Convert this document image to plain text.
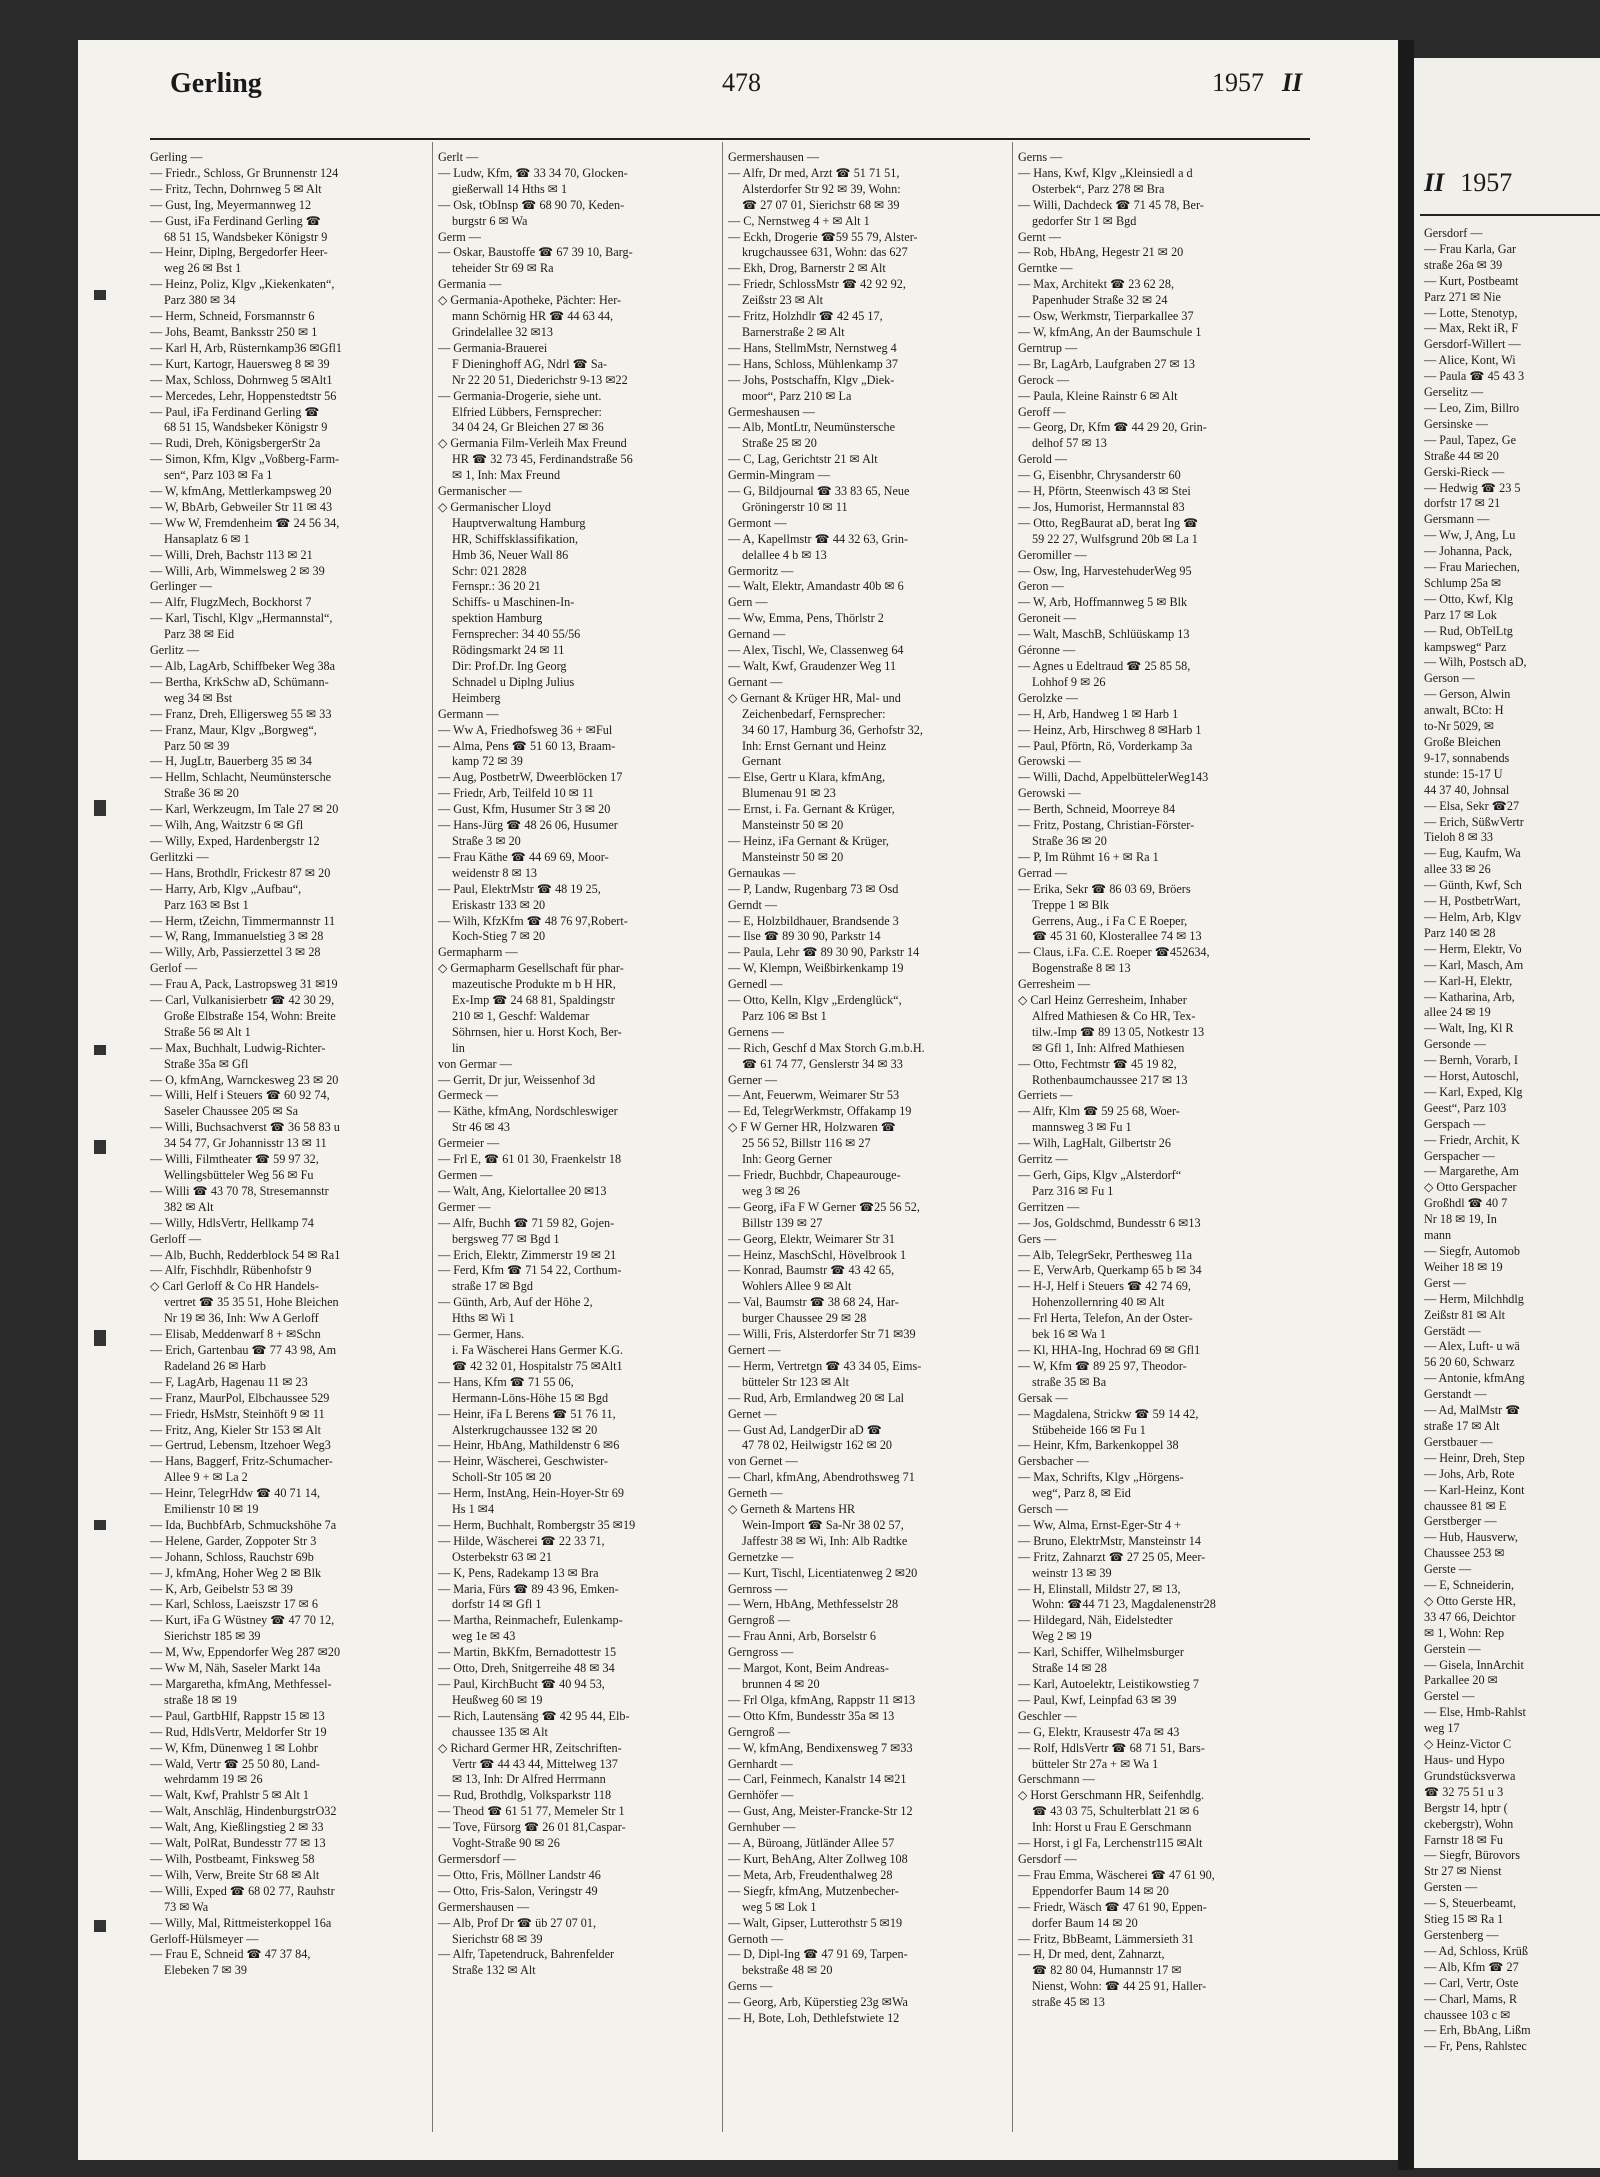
Gerling	478	1957 II
Gerling —
— Friedr., Schloss, Gr Brunnenstr 124
— Fritz, Techn, Dohrnweg 5 ✉ Alt
— Gust, Ing, Meyermannweg 12
— Gust, iFa Ferdinand Gerling ☎
68 51 15, Wandsbeker Königstr 9
— Heinr, Diplng, Bergedorfer Heer-
weg 26 ✉ Bst 1
— Heinz, Poliz, Klgv „Kiekenkaten“,
Parz 380 ✉ 34
— Herm, Schneid, Forsmannstr 6
— Johs, Beamt, Banksstr 250 ✉ 1
— Karl H, Arb, Rüsternkamp36 ✉Gfl1
— Kurt, Kartogr, Hauersweg 8 ✉ 39
— Max, Schloss, Dohrnweg 5 ✉Alt1
— Mercedes, Lehr, Hoppenstedtstr 56
— Paul, iFa Ferdinand Gerling ☎
68 51 15, Wandsbeker Königstr 9
— Rudi, Dreh, KönigsbergerStr 2a
— Simon, Kfm, Klgv „Voßberg-Farm-
sen“, Parz 103 ✉ Fa 1
— W, kfmAng, Mettlerkampsweg 20
— W, BbArb, Gebweiler Str 11 ✉ 43
— Ww W, Fremdenheim ☎ 24 56 34,
Hansaplatz 6 ✉ 1
— Willi, Dreh, Bachstr 113 ✉ 21
— Willi, Arb, Wimmelsweg 2 ✉ 39
Gerlinger —
— Alfr, FlugzMech, Bockhorst 7
— Karl, Tischl, Klgv „Hermannstal“,
Parz 38 ✉ Eid
Gerlitz —
— Alb, LagArb, Schiffbeker Weg 38a
— Bertha, KrkSchw aD, Schümann-
weg 34 ✉ Bst
— Franz, Dreh, Elligersweg 55 ✉ 33
— Franz, Maur, Klgv „Borgweg“,
Parz 50 ✉ 39
— H, JugLtr, Bauerberg 35 ✉ 34
— Hellm, Schlacht, Neumünstersche
Straße 36 ✉ 20
— Karl, Werkzeugm, Im Tale 27 ✉ 20
— Wilh, Ang, Waitzstr 6 ✉ Gfl
— Willy, Exped, Hardenbergstr 12
Gerlitzki —
— Hans, Brothdlr, Frickestr 87 ✉ 20
— Harry, Arb, Klgv „Aufbau“,
Parz 163 ✉ Bst 1
— Herm, tZeichn, Timmermannstr 11
— W, Rang, Immanuelstieg 3 ✉ 28
— Willy, Arb, Passierzettel 3 ✉ 28
Gerlof —
— Frau A, Pack, Lastropsweg 31 ✉19
— Carl, Vulkanisierbetr ☎ 42 30 29,
Große Elbstraße 154, Wohn: Breite
Straße 56 ✉ Alt 1
— Max, Buchhalt, Ludwig-Richter-
Straße 35a ✉ Gfl
— O, kfmAng, Warnckesweg 23 ✉ 20
— Willi, Helf i Steuers ☎ 60 92 74,
Saseler Chaussee 205 ✉ Sa
— Willi, Buchsachverst ☎ 36 58 83 u
34 54 77, Gr Johannisstr 13 ✉ 11
— Willi, Filmtheater ☎ 59 97 32,
Wellingsbütteler Weg 56 ✉ Fu
— Willi ☎ 43 70 78, Stresemannstr
382 ✉ Alt
— Willy, HdlsVertr, Hellkamp 74
Gerloff —
— Alb, Buchh, Redderblock 54 ✉ Ra1
— Alfr, Fischhdlr, Rübenhofstr 9
◇ Carl Gerloff & Co HR Handels-
vertret ☎ 35 35 51, Hohe Bleichen
Nr 19 ✉ 36, Inh: Ww A Gerloff
— Elisab, Meddenwarf 8 + ✉Schn
— Erich, Gartenbau ☎ 77 43 98, Am
Radeland 26 ✉ Harb
— F, LagArb, Hagenau 11 ✉ 23
— Franz, MaurPol, Elbchaussee 529
— Friedr, HsMstr, Steinhöft 9 ✉ 11
— Fritz, Ang, Kieler Str 153 ✉ Alt
— Gertrud, Lebensm, Itzehoer Weg3
— Hans, Baggerf, Fritz-Schumacher-
Allee 9 + ✉ La 2
— Heinr, TelegrHdw ☎ 40 71 14,
Emilienstr 10 ✉ 19
— Ida, BuchbfArb, Schmuckshöhe 7a
— Helene, Garder, Zoppoter Str 3
— Johann, Schloss, Rauchstr 69b
— J, kfmAng, Hoher Weg 2 ✉ Blk
— K, Arb, Geibelstr 53 ✉ 39
— Karl, Schloss, Laeiszstr 17 ✉ 6
— Kurt, iFa G Wüstney ☎ 47 70 12,
Sierichstr 185 ✉ 39
— M, Ww, Eppendorfer Weg 287 ✉20
— Ww M, Näh, Saseler Markt 14a
— Margaretha, kfmAng, Methfessel-
straße 18 ✉ 19
— Paul, GartbHlf, Rappstr 15 ✉ 13
— Rud, HdlsVertr, Meldorfer Str 19
— W, Kfm, Dünenweg 1 ✉ Lohbr
— Wald, Vertr ☎ 25 50 80, Land-
wehrdamm 19 ✉ 26
— Walt, Kwf, Prahlstr 5 ✉ Alt 1
— Walt, Anschläg, HindenburgstrO32
— Walt, Ang, Kießlingstieg 2 ✉ 33
— Walt, PolRat, Bundesstr 77 ✉ 13
— Wilh, Postbeamt, Finksweg 58
— Wilh, Verw, Breite Str 68 ✉ Alt
— Willi, Exped ☎ 68 02 77, Rauhstr
73 ✉ Wa
— Willy, Mal, Rittmeisterkoppel 16a
Gerloff-Hülsmeyer —
— Frau E, Schneid ☎ 47 37 84,
Elebeken 7 ✉ 39
Gerlt —
— Ludw, Kfm, ☎ 33 34 70, Glocken-
gießerwall 14 Hths ✉ 1
— Osk, tObInsp ☎ 68 90 70, Keden-
burgstr 6 ✉ Wa
Germ —
— Oskar, Baustoffe ☎ 67 39 10, Barg-
teheider Str 69 ✉ Ra
Germania —
◇ Germania-Apotheke, Pächter: Her-
mann Schörnig HR ☎ 44 63 44,
Grindelallee 32 ✉13
— Germania-Brauerei
F Dieninghoff AG, Ndrl ☎ Sa-
Nr 22 20 51, Diederichstr 9-13 ✉22
— Germania-Drogerie, siehe unt.
Elfried Lübbers, Fernsprecher:
34 04 24, Gr Bleichen 27 ✉ 36
◇ Germania Film-Verleih Max Freund
HR ☎ 32 73 45, Ferdinandstraße 56
✉ 1, Inh: Max Freund
Germanischer —
◇ Germanischer Lloyd
Hauptverwaltung Hamburg
HR, Schiffsklassifikation,
Hmb 36, Neuer Wall 86
Schr: 021 2828
Fernspr.: 36 20 21
Schiffs- u Maschinen-In-
spektion Hamburg
Fernsprecher: 34 40 55/56
Rödingsmarkt 24 ✉ 11
Dir: Prof.Dr. Ing Georg
Schnadel u Diplng Julius
Heimberg
Germann —
— Ww A, Friedhofsweg 36 + ✉Ful
— Alma, Pens ☎ 51 60 13, Braam-
kamp 72 ✉ 39
— Aug, PostbetrW, Dweerblöcken 17
— Friedr, Arb, Teilfeld 10 ✉ 11
— Gust, Kfm, Husumer Str 3 ✉ 20
— Hans-Jürg ☎ 48 26 06, Husumer
Straße 3 ✉ 20
— Frau Käthe ☎ 44 69 69, Moor-
weidenstr 8 ✉ 13
— Paul, ElektrMstr ☎ 48 19 25,
Eriskastr 133 ✉ 20
— Wilh, KfzKfm ☎ 48 76 97,Robert-
Koch-Stieg 7 ✉ 20
Germapharm —
◇ Germapharm Gesellschaft für phar-
mazeutische Produkte m b H HR,
Ex-Imp ☎ 24 68 81, Spaldingstr
210 ✉ 1, Geschf: Waldemar
Söhrnsen, hier u. Horst Koch, Ber-
lin
von Germar —
— Gerrit, Dr jur, Weissenhof 3d
Germeck —
— Käthe, kfmAng, Nordschleswiger
Str 46 ✉ 43
Germeier —
— Frl E, ☎ 61 01 30, Fraenkelstr 18
Germen —
— Walt, Ang, Kielortallee 20 ✉13
Germer —
— Alfr, Buchh ☎ 71 59 82, Gojen-
bergsweg 77 ✉ Bgd 1
— Erich, Elektr, Zimmerstr 19 ✉ 21
— Ferd, Kfm ☎ 71 54 22, Corthum-
straße 17 ✉ Bgd
— Günth, Arb, Auf der Höhe 2,
Hths ✉ Wi 1
— Germer, Hans.
i. Fa Wäscherei Hans Germer K.G.
☎ 42 32 01, Hospitalstr 75 ✉Alt1
— Hans, Kfm ☎ 71 55 06,
Hermann-Löns-Höhe 15 ✉ Bgd
— Heinr, iFa L Berens ☎ 51 76 11,
Alsterkrugchaussee 132 ✉ 20
— Heinr, HbAng, Mathildenstr 6 ✉6
— Heinr, Wäscherei, Geschwister-
Scholl-Str 105 ✉ 20
— Herm, InstAng, Hein-Hoyer-Str 69
Hs 1 ✉4
— Herm, Buchhalt, Rombergstr 35 ✉19
— Hilde, Wäscherei ☎ 22 33 71,
Osterbekstr 63 ✉ 21
— K, Pens, Radekamp 13 ✉ Bra
— Maria, Fürs ☎ 89 43 96, Emken-
dorfstr 14 ✉ Gfl 1
— Martha, Reinmachefr, Eulenkamp-
weg 1e ✉ 43
— Martin, BkKfm, Bernadottestr 15
— Otto, Dreh, Snitgerreihe 48 ✉ 34
— Paul, KirchBucht ☎ 40 94 53,
Heußweg 60 ✉ 19
— Rich, Lautensäng ☎ 42 95 44, Elb-
chaussee 135 ✉ Alt
◇ Richard Germer HR, Zeitschriften-
Vertr ☎ 44 43 44, Mittelweg 137
✉ 13, Inh: Dr Alfred Herrmann
— Rud, Brothdlg, Volksparkstr 118
— Theod ☎ 61 51 77, Memeler Str 1
— Tove, Fürsorg ☎ 26 01 81,Caspar-
Voght-Straße 90 ✉ 26
Germersdorf —
— Otto, Fris, Möllner Landstr 46
— Otto, Fris-Salon, Veringstr 49
Germershausen —
— Alb, Prof Dr ☎ üb 27 07 01,
Sierichstr 68 ✉ 39
— Alfr, Tapetendruck, Bahrenfelder
Straße 132 ✉ Alt
Germershausen —
— Alfr, Dr med, Arzt ☎ 51 71 51,
Alsterdorfer Str 92 ✉ 39, Wohn:
☎ 27 07 01, Sierichstr 68 ✉ 39
— C, Nernstweg 4 + ✉ Alt 1
— Eckh, Drogerie ☎59 55 79, Alster-
krugchaussee 631, Wohn: das 627
— Ekh, Drog, Barnerstr 2 ✉ Alt
— Friedr, SchlossMstr ☎ 42 92 92,
Zeißstr 23 ✉ Alt
— Fritz, Holzhdlr ☎ 42 45 17,
Barnerstraße 2 ✉ Alt
— Hans, StellmMstr, Nernstweg 4
— Hans, Schloss, Mühlenkamp 37
— Johs, Postschaffn, Klgv „Diek-
moor“, Parz 210 ✉ La
Germeshausen —
— Alb, MontLtr, Neumünstersche
Straße 25 ✉ 20
— C, Lag, Gerichtstr 21 ✉ Alt
Germin-Mingram —
— G, Bildjournal ☎ 33 83 65, Neue
Gröningerstr 10 ✉ 11
Germont —
— A, Kapellmstr ☎ 44 32 63, Grin-
delallee 4 b ✉ 13
Germoritz —
— Walt, Elektr, Amandastr 40b ✉ 6
Gern —
— Ww, Emma, Pens, Thörlstr 2
Gernand —
— Alex, Tischl, We, Classenweg 64
— Walt, Kwf, Graudenzer Weg 11
Gernant —
◇ Gernant & Krüger HR, Mal- und
Zeichenbedarf, Fernsprecher:
34 60 17, Hamburg 36, Gerhofstr 32,
Inh: Ernst Gernant und Heinz
Gernant
— Else, Gertr u Klara, kfmAng,
Blumenau 91 ✉ 23
— Ernst, i. Fa. Gernant & Krüger,
Mansteinstr 50 ✉ 20
— Heinz, iFa Gernant & Krüger,
Mansteinstr 50 ✉ 20
Gernaukas —
— P, Landw, Rugenbarg 73 ✉ Osd
Gerndt —
— E, Holzbildhauer, Brandsende 3
— Ilse ☎ 89 30 90, Parkstr 14
— Paula, Lehr ☎ 89 30 90, Parkstr 14
— W, Klempn, Weißbirkenkamp 19
Gernedl —
— Otto, Kelln, Klgv „Erdenglück“,
Parz 106 ✉ Bst 1
Gernens —
— Rich, Geschf d Max Storch G.m.b.H.
☎ 61 74 77, Genslerstr 34 ✉ 33
Gerner —
— Ant, Feuerwm, Weimarer Str 53
— Ed, TelegrWerkmstr, Offakamp 19
◇ F W Gerner HR, Holzwaren ☎
25 56 52, Billstr 116 ✉ 27
Inh: Georg Gerner
— Friedr, Buchbdr, Chapeaurouge-
weg 3 ✉ 26
— Georg, iFa F W Gerner ☎25 56 52,
Billstr 139 ✉ 27
— Georg, Elektr, Weimarer Str 31
— Heinz, MaschSchl, Hövelbrook 1
— Konrad, Baumstr ☎ 43 42 65,
Wohlers Allee 9 ✉ Alt
— Val, Baumstr ☎ 38 68 24, Har-
burger Chaussee 29 ✉ 28
— Willi, Fris, Alsterdorfer Str 71 ✉39
Gernert —
— Herm, Vertretgn ☎ 43 34 05, Eims-
bütteler Str 123 ✉ Alt
— Rud, Arb, Ermlandweg 20 ✉ Lal
Gernet —
— Gust Ad, LandgerDir aD ☎
47 78 02, Heilwigstr 162 ✉ 20
von Gernet —
— Charl, kfmAng, Abendrothsweg 71
Gerneth —
◇ Gerneth & Martens HR
Wein-Import ☎ Sa-Nr 38 02 57,
Jaffestr 38 ✉ Wi, Inh: Alb Radtke
Gernetzke —
— Kurt, Tischl, Licentiatenweg 2 ✉20
Gernross —
— Wern, HbAng, Methfesselstr 28
Gerngroß —
— Frau Anni, Arb, Borselstr 6
Gerngross —
— Margot, Kont, Beim Andreas-
brunnen 4 ✉ 20
— Frl Olga, kfmAng, Rappstr 11 ✉13
— Otto Kfm, Bundesstr 35a ✉ 13
Gerngroß —
— W, kfmAng, Bendixensweg 7 ✉33
Gernhardt —
— Carl, Feinmech, Kanalstr 14 ✉21
Gernhöfer —
— Gust, Ang, Meister-Francke-Str 12
Gernhuber —
— A, Büroang, Jütländer Allee 57
— Kurt, BehAng, Alter Zollweg 108
— Meta, Arb, Freudenthalweg 28
— Siegfr, kfmAng, Mutzenbecher-
weg 5 ✉ Lok 1
— Walt, Gipser, Lutterothstr 5 ✉19
Gernoth —
— D, Dipl-Ing ☎ 47 91 69, Tarpen-
bekstraße 48 ✉ 20
Gerns —
— Georg, Arb, Küperstieg 23g ✉Wa
— H, Bote, Loh, Dethlefstwiete 12
Gerns —
— Hans, Kwf, Klgv „Kleinsiedl a d
Osterbek“, Parz 278 ✉ Bra
— Willi, Dachdeck ☎ 71 45 78, Ber-
gedorfer Str 1 ✉ Bgd
Gernt —
— Rob, HbAng, Hegestr 21 ✉ 20
Gerntke —
— Max, Architekt ☎ 23 62 28,
Papenhuder Straße 32 ✉ 24
— Osw, Werkmstr, Tierparkallee 37
— W, kfmAng, An der Baumschule 1
Gerntrup —
— Br, LagArb, Laufgraben 27 ✉ 13
Gerock —
— Paula, Kleine Rainstr 6 ✉ Alt
Geroff —
— Georg, Dr, Kfm ☎ 44 29 20, Grin-
delhof 57 ✉ 13
Gerold —
— G, Eisenbhr, Chrysanderstr 60
— H, Pförtn, Steenwisch 43 ✉ Stei
— Jos, Humorist, Hermannstal 83
— Otto, RegBaurat aD, berat Ing ☎
59 22 27, Wulfsgrund 20b ✉ La 1
Geromiller —
— Osw, Ing, HarvestehuderWeg 95
Geron —
— W, Arb, Hoffmannweg 5 ✉ Blk
Geroneit —
— Walt, MaschB, Schlüüskamp 13
Géronne —
— Agnes u Edeltraud ☎ 25 85 58,
Lohhof 9 ✉ 26
Gerolzke —
— H, Arb, Handweg 1 ✉ Harb 1
— Heinz, Arb, Hirschweg 8 ✉Harb 1
— Paul, Pförtn, Rö, Vorderkamp 3a
Gerowski —
— Willi, Dachd, AppelbüttelerWeg143
Gerowski —
— Berth, Schneid, Moorreye 84
— Fritz, Postang, Christian-Förster-
Straße 36 ✉ 20
— P, Im Rühmt 16 + ✉ Ra 1
Gerrad —
— Erika, Sekr ☎ 86 03 69, Bröers
Treppe 1 ✉ Blk
Gerrens, Aug., i Fa C E Roeper,
☎ 45 31 60, Klosterallee 74 ✉ 13
— Claus, i.Fa. C.E. Roeper ☎452634,
Bogenstraße 8 ✉ 13
Gerresheim —
◇ Carl Heinz Gerresheim, Inhaber
Alfred Mathiesen & Co HR, Tex-
tilw.-Imp ☎ 89 13 05, Notkestr 13
✉ Gfl 1, Inh: Alfred Mathiesen
— Otto, Fechtmstr ☎ 45 19 82,
Rothenbaumchaussee 217 ✉ 13
Gerriets —
— Alfr, Klm ☎ 59 25 68, Woer-
mannsweg 3 ✉ Fu 1
— Wilh, LagHalt, Gilbertstr 26
Gerritz —
— Gerh, Gips, Klgv „Alsterdorf“
Parz 316 ✉ Fu 1
Gerritzen —
— Jos, Goldschmd, Bundesstr 6 ✉13
Gers —
— Alb, TelegrSekr, Perthesweg 11a
— E, VerwArb, Querkamp 65 b ✉ 34
— H-J, Helf i Steuers ☎ 42 74 69,
Hohenzollernring 40 ✉ Alt
— Frl Herta, Telefon, An der Oster-
bek 16 ✉ Wa 1
— Kl, HHA-Ing, Hochrad 69 ✉ Gfl1
— W, Kfm ☎ 89 25 97, Theodor-
straße 35 ✉ Ba
Gersak —
— Magdalena, Strickw ☎ 59 14 42,
Stübeheide 166 ✉ Fu 1
— Heinr, Kfm, Barkenkoppel 38
Gersbacher —
— Max, Schrifts, Klgv „Hörgens-
weg“, Parz 8, ✉ Eid
Gersch —
— Ww, Alma, Ernst-Eger-Str 4 +
— Bruno, ElektrMstr, Mansteinstr 14
— Fritz, Zahnarzt ☎ 27 25 05, Meer-
weinstr 13 ✉ 39
— H, Elinstall, Mildstr 27, ✉ 13,
Wohn: ☎44 71 23, Magdalenenstr28
— Hildegard, Näh, Eidelstedter
Weg 2 ✉ 19
— Karl, Schiffer, Wilhelmsburger
Straße 14 ✉ 28
— Karl, Autoelektr, Leistikowstieg 7
— Paul, Kwf, Leinpfad 63 ✉ 39
Geschler —
— G, Elektr, Krausestr 47a ✉ 43
— Rolf, HdlsVertr ☎ 68 71 51, Bars-
bütteler Str 27a + ✉ Wa 1
Gerschmann —
◇ Horst Gerschmann HR, Seifenhdlg.
☎ 43 03 75, Schulterblatt 21 ✉ 6
Inh: Horst u Frau E Gerschmann
— Horst, i gl Fa, Lerchenstr115 ✉Alt
Gersdorf —
— Frau Emma, Wäscherei ☎ 47 61 90,
Eppendorfer Baum 14 ✉ 20
— Friedr, Wäsch ☎ 47 61 90, Eppen-
dorfer Baum 14 ✉ 20
— Fritz, BbBeamt, Lämmersieth 31
— H, Dr med, dent, Zahnarzt,
☎ 82 80 04, Humannstr 17 ✉
Nienst, Wohn: ☎ 44 25 91, Haller-
straße 45 ✉ 13
II 1957
Gersdorf —
— Frau Karla, Gar
straße 26a ✉ 39
— Kurt, Postbeamt
Parz 271 ✉ Nie
— Lotte, Stenotyp,
— Max, Rekt iR, F
Gersdorf-Willert —
— Alice, Kont, Wi
— Paula ☎ 45 43 3
Gerselitz —
— Leo, Zim, Billro
Gersinske —
— Paul, Tapez, Ge
Straße 44 ✉ 20
Gerski-Rieck —
— Hedwig ☎ 23 5
dorfstr 17 ✉ 21
Gersmann —
— Ww, J, Ang, Lu
— Johanna, Pack,
— Frau Mariechen,
Schlump 25a ✉
— Otto, Kwf, Klg
Parz 17 ✉ Lok
— Rud, ObTelLtg
kampsweg“ Parz
— Wilh, Postsch aD,
Gerson —
— Gerson, Alwin
anwalt, BCto: H
to-Nr 5029, ✉
Große Bleichen
9-17, sonnabends
stunde: 15-17 U
44 37 40, Johnsal
— Elsa, Sekr ☎27
— Erich, SüßwVertr
Tieloh 8 ✉ 33
— Eug, Kaufm, Wa
allee 33 ✉ 26
— Günth, Kwf, Sch
— H, PostbetrWart,
— Helm, Arb, Klgv
Parz 140 ✉ 28
— Herm, Elektr, Vo
— Karl, Masch, Am
— Karl-H, Elektr,
— Katharina, Arb,
allee 24 ✉ 19
— Walt, Ing, Kl R
Gersonde —
— Bernh, Vorarb, I
— Horst, Autoschl,
— Karl, Exped, Klg
Geest“, Parz 103
Gerspach —
— Friedr, Archit, K
Gerspacher —
— Margarethe, Am
◇ Otto Gerspacher
Großhdl ☎ 40 7
Nr 18 ✉ 19, In
mann
— Siegfr, Automob
Weiher 18 ✉ 19
Gerst —
— Herm, Milchhdlg
Zeißstr 81 ✉ Alt
Gerstädt —
— Alex, Luft- u wä
56 20 60, Schwarz
— Antonie, kfmAng
Gerstandt —
— Ad, MalMstr ☎
straße 17 ✉ Alt
Gerstbauer —
— Heinr, Dreh, Step
— Johs, Arb, Rote
— Karl-Heinz, Kont
chaussee 81 ✉ E
Gerstberger —
— Hub, Hausverw,
Chaussee 253 ✉
Gerste —
— E, Schneiderin,
◇ Otto Gerste HR,
33 47 66, Deichtor
✉ 1, Wohn: Rep
Gerstein —
— Gisela, InnArchit
Parkallee 20 ✉
Gerstel —
— Else, Hmb-Rahlst
weg 17
◇ Heinz-Victor C
Haus- und Hypo
Grundstücksverwa
☎ 32 75 51 u 3
Bergstr 14, hptr (
ckebergstr), Wohn
Farnstr 18 ✉ Fu
— Siegfr, Bürovors
Str 27 ✉ Nienst
Gersten —
— S, Steuerbeamt,
Stieg 15 ✉ Ra 1
Gerstenberg —
— Ad, Schloss, Krüß
— Alb, Kfm ☎ 27
— Carl, Vertr, Oste
— Charl, Mams, R
chaussee 103 c ✉
— Erh, BbAng, Lißm
— Fr, Pens, Rahlstec
